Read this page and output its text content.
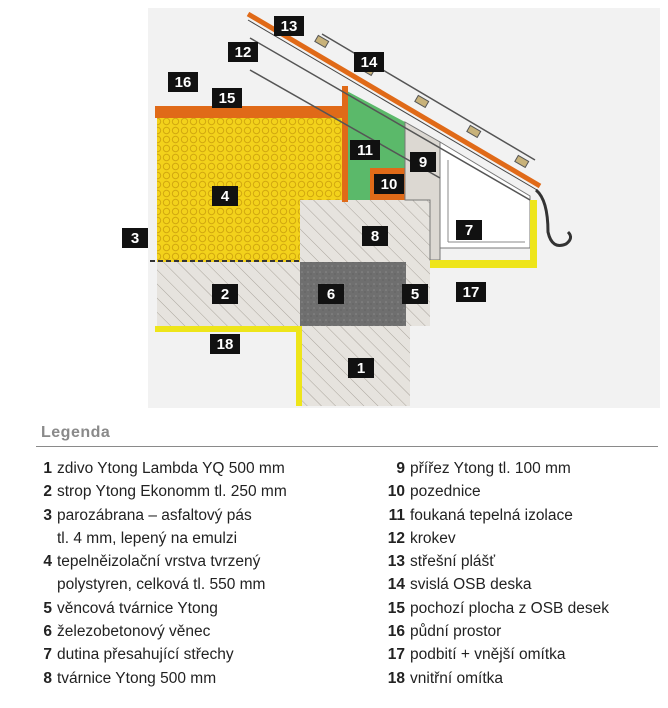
13
12
14
16
15
11
9
10
4
7
8
3
17
2	6	5
18
1
Legenda
1 zdivo Ytong Lambda YQ 500 mm
2 strop Ytong Ekonomm tl. 250 mm
3 parozábrana – asfaltový pás
tl. 4 mm, lepený na emulzi
4 tepelněizolační vrstva tvrzený
polystyren, celková tl. 550 mm
5 věncová tvárnice Ytong
6 železobetonový věnec
7 dutina přesahující střechy
8 tvárnice Ytong 500 mm
9 přířez Ytong tl. 100 mm
10 pozednice
11 foukaná tepelná izolace
12 krokev
13 střešní plášť
14 svislá OSB deska
15 pochozí plocha z OSB desek
16 půdní prostor
17 podbití + vnější omítka
18 vnitřní omítka
